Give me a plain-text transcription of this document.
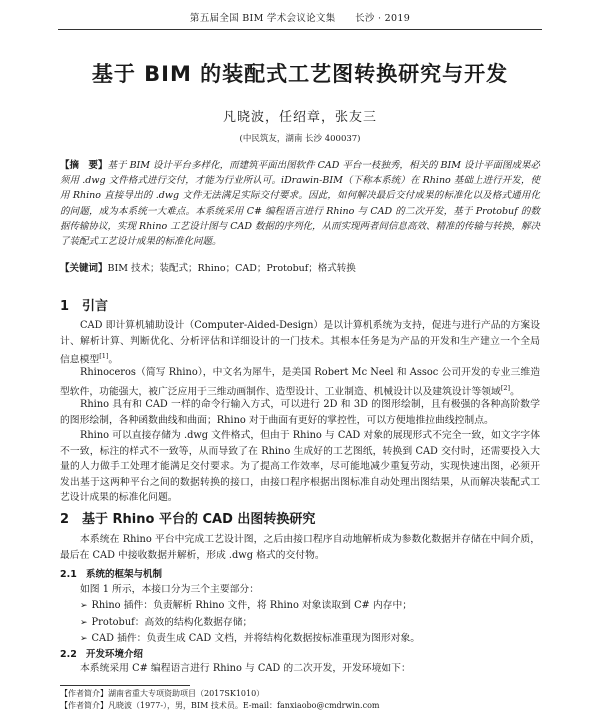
第五届全国 BIM 学术会议论文集　　长沙 · 2019
基于 BIM 的装配式工艺图转换研究与开发
凡晓波，任绍章，张友三
(中民筑友，湖南 长沙 400037)
【摘　要】基于 BIM 设计平台多样化，而建筑平面出图软件 CAD 平台一枝独秀，相关的 BIM 设计平面图成果必须用 .dwg 文件格式进行交付，才能为行业所认可。iDrawin-BIM（下称本系统）在 Rhino 基础上进行开发，使用 Rhino 直接导出的 .dwg 文件无法满足实际交付要求。因此，如何解决最后交付成果的标准化以及格式通用化的问题，成为本系统一大难点。本系统采用 C# 编程语言进行 Rhino 与 CAD 的二次开发，基于 Protobuf 的数据传输协议，实现 Rhino 工艺设计图与 CAD 数据的序列化，从而实现两者间信息高效、精准的传输与转换，解决了装配式工艺设计成果的标准化问题。
【关键词】BIM 技术；装配式；Rhino；CAD；Protobuf；格式转换
1 引言
CAD 即计算机辅助设计（Computer-Aided-Design）是以计算机系统为支持，促进与进行产品的方案设计、解析计算、判断优化、分析评估和详细设计的一门技术。其根本任务是为产品的开发和生产建立一个全局信息模型[1]。
Rhinoceros（简写 Rhino），中文名为犀牛，是美国 Robert Mc Neel 和 Assoc 公司开发的专业三维造型软件，功能强大，被广泛应用于三维动画制作、造型设计、工业制造、机械设计以及建筑设计等领域[2]。
Rhino 具有和 CAD 一样的命令行输入方式，可以进行 2D 和 3D 的图形绘制，且有极强的各种高阶数学的图形绘制，各种函数曲线和曲面；Rhino 对于曲面有更好的掌控性，可以方便地推拉曲线控制点。
Rhino 可以直接存储为 .dwg 文件格式，但由于 Rhino 与 CAD 对象的展现形式不完全一致，如文字字体不一致，标注的样式不一致等，从而导致了在 Rhino 生成好的工艺图纸，转换到 CAD 交付时，还需要投入大量的人力做手工处理才能满足交付要求。为了提高工作效率，尽可能地减少重复劳动，实现快速出图，必须开发出基于这两种平台之间的数据转换的接口，由接口程序根据出图标准自动处理出图结果，从而解决装配式工艺设计成果的标准化问题。
2 基于 Rhino 平台的 CAD 出图转换研究
本系统在 Rhino 平台中完成工艺设计图，之后由接口程序自动地解析成为参数化数据并存储在中间介质，最后在 CAD 中接收数据并解析，形成 .dwg 格式的交付物。
2.1 系统的框架与机制
如图 1 所示，本接口分为三个主要部分：
➢ Rhino 插件：负责解析 Rhino 文件，将 Rhino 对象读取到 C# 内存中；
➢ Protobuf：高效的结构化数据存储；
➢ CAD 插件：负责生成 CAD 文档，并将结构化数据按标准重现为图形对象。
2.2 开发环境介绍
本系统采用 C# 编程语言进行 Rhino 与 CAD 的二次开发，开发环境如下：
【作者简介】湖南省重大专项资助项目（2017SK1010）
【作者简介】凡晓波（1977-），男，BIM 技术员。E-mail：fanxiaobo@cmdrwin.com
